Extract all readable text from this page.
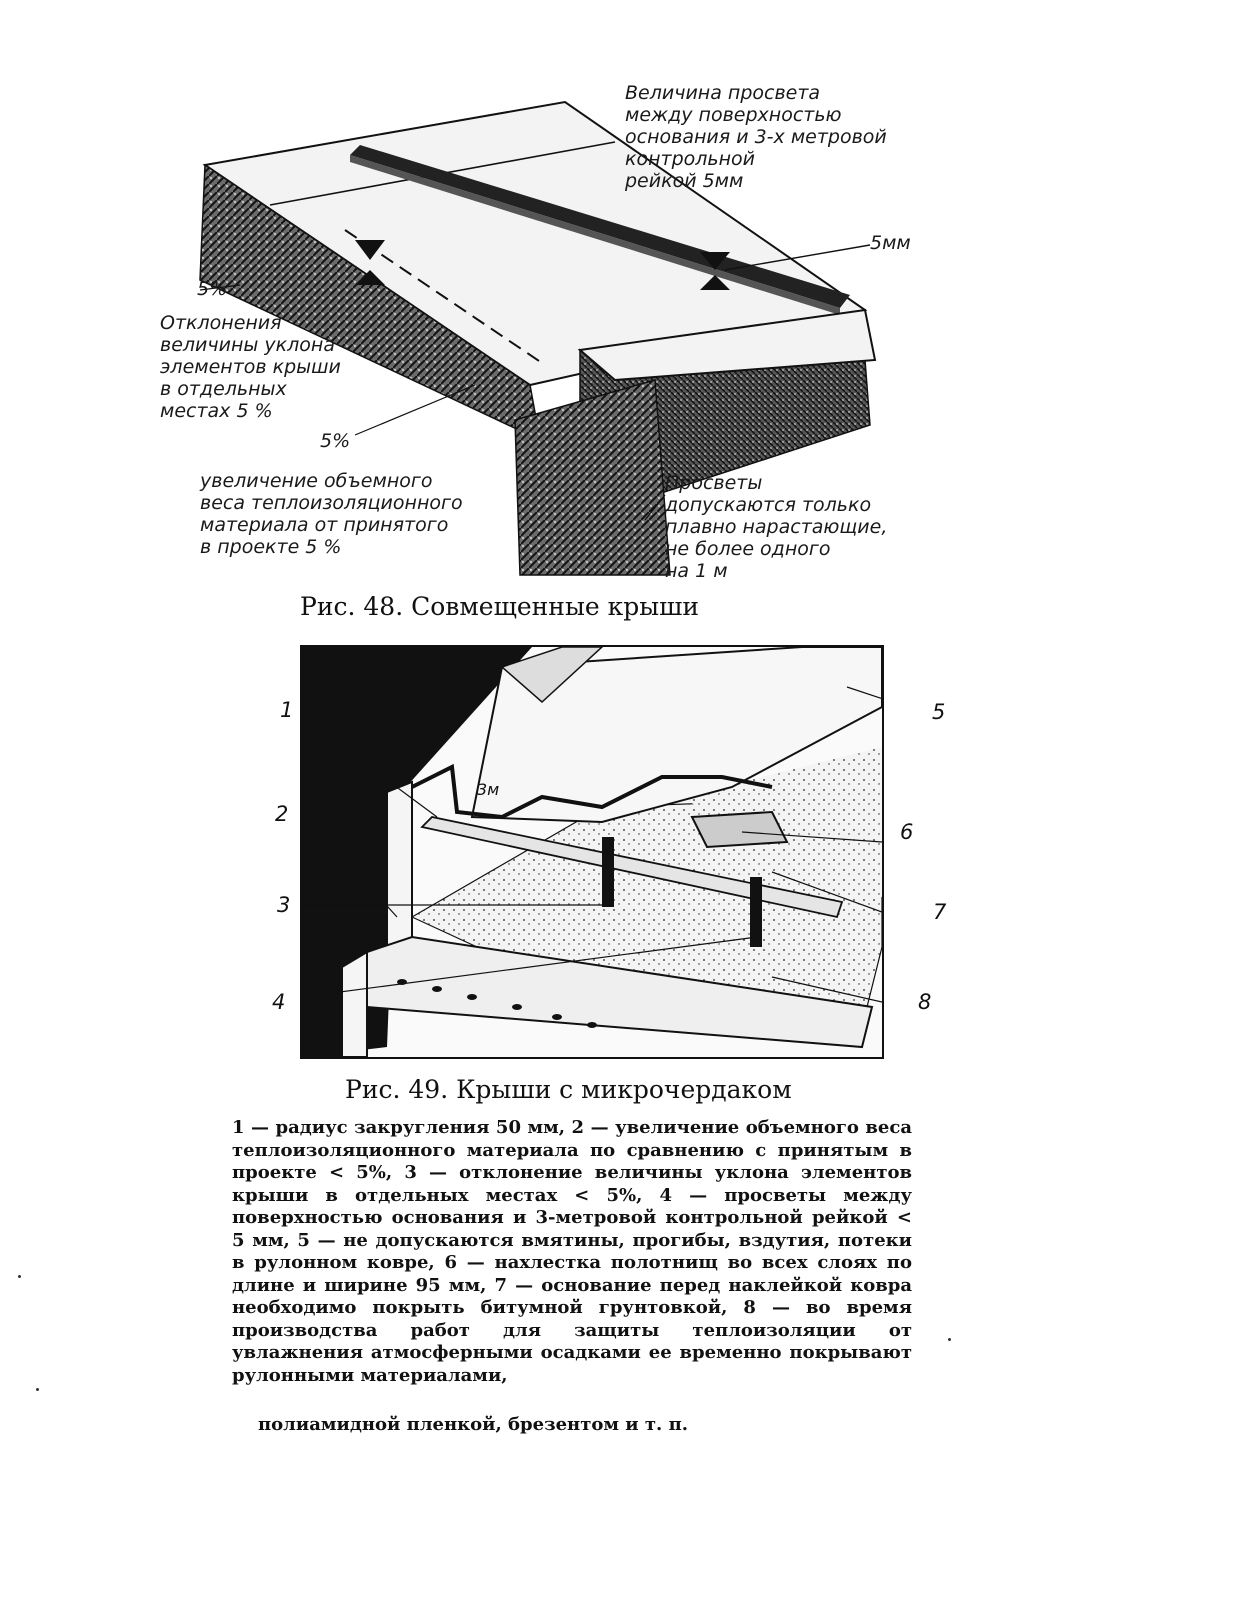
Величина просвета
между поверхностью
основания и 3-х метровой
контрольной
рейкой 5мм
5мм
5%
Отклонения
величины уклона
элементов крыши
в отдельных
местах 5 %
5%
увеличение объемного
веса теплоизоляционного
материала от принятого
в проекте 5 %
Просветы
допускаются только
плавно нарастающие,
не более одного
на 1 м
Рис. 48. Совмещенные крыши
3м
1
2
3
4
5
6
7
8
Рис. 49. Крыши с микрочердаком
1 — радиус закругления 50 мм, 2 — увеличение объемного веса теплоизоляционного материала по сравнению с принятым в проекте < 5%, 3 — отклонение величины уклона элементов крыши в отдельных местах < 5%, 4 — просветы между поверхностью основания и 3-метровой контрольной рейкой < 5 мм, 5 — не допускаются вмятины, прогибы, вздутия, потеки в рулонном ковре, 6 — нахлестка полотнищ во всех слоях по длине и ширине 95 мм, 7 — основание перед наклейкой ковра необходимо покрыть битумной грунтовкой, 8 — во время производства работ для защиты теплоизоляции от увлажнения атмосферными осадками ее временно покрывают рулонными материалами,
полиамидной пленкой, брезентом и т. п.
